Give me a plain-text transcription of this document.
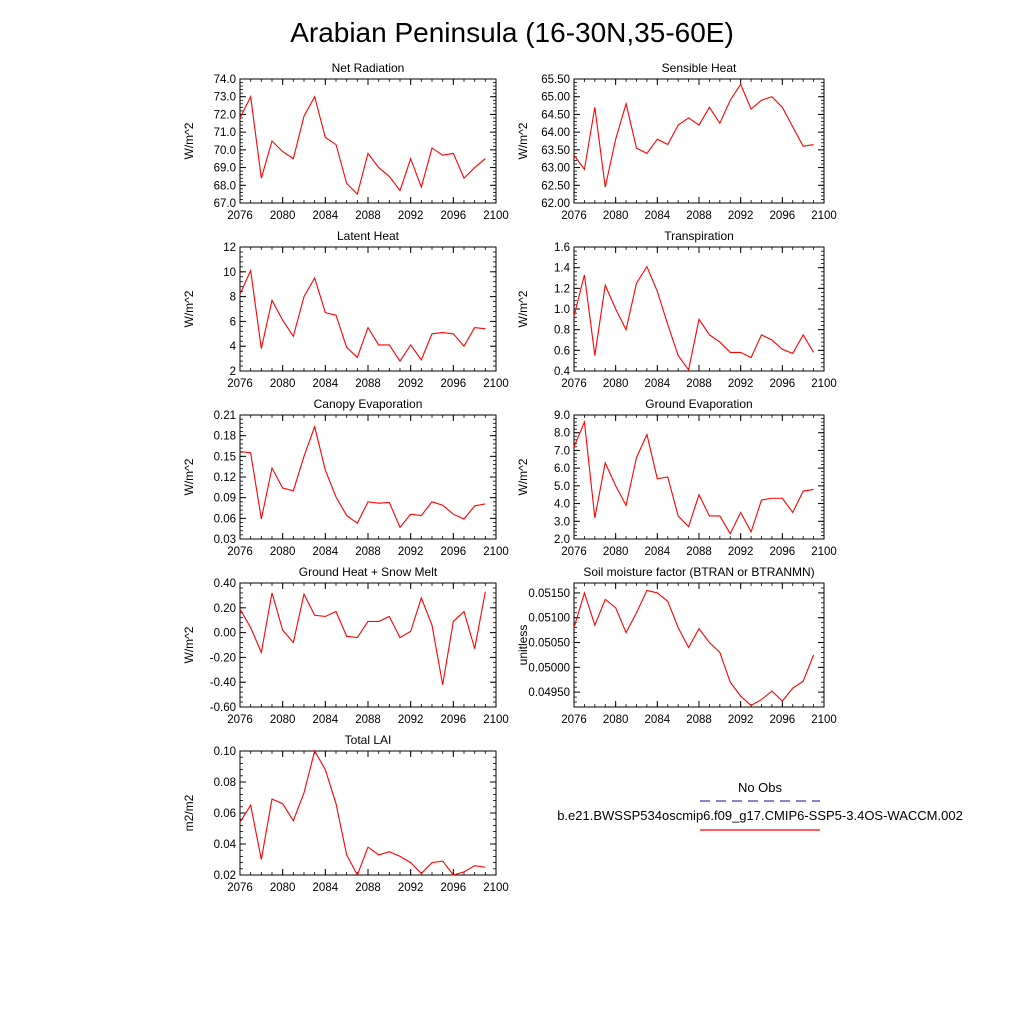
Arabian Peninsula (16-30N,35-60E)
Net Radiation
W/m^2
2076 2080 2084 2088 2092 2096 2100
67.0
68.0
69.0
70.0
71.0
72.0
73.0
74.0
Sensible Heat
W/m^2
2076 2080 2084 2088 2092 2096 2100
62.00
62.50
63.00
63.50
64.00
64.50
65.00
65.50
Latent Heat
W/m^2
2076 2080 2084 2088 2092 2096 2100
2
4
6
8
10
12
Transpiration
W/m^2
2076 2080 2084 2088 2092 2096 2100
0.4
0.6
0.8
1.0
1.2
1.4
1.6
Canopy Evaporation
W/m^2
2076 2080 2084 2088 2092 2096 2100
0.03
0.06
0.09
0.12
0.15
0.18
0.21
Ground Evaporation
W/m^2
2076 2080 2084 2088 2092 2096 2100
2.0
3.0
4.0
5.0
6.0
7.0
8.0
9.0
Ground Heat + Snow Melt
W/m^2
2076 2080 2084 2088 2092 2096 2100
-0.60
-0.40
-0.20
0.00
0.20
0.40
Soil moisture factor (BTRAN or BTRANMN)
unitless
2076 2080 2084 2088 2092 2096 2100
0.04950
0.05000
0.05050
0.05100
0.05150
Total LAI
m2/m2
2076 2080 2084 2088 2092 2096 2100
0.02
0.04
0.06
0.08
0.10
No Obs
b.e21.BWSSP534oscmip6.f09_g17.CMIP6-SSP5-3.4OS-WACCM.002
